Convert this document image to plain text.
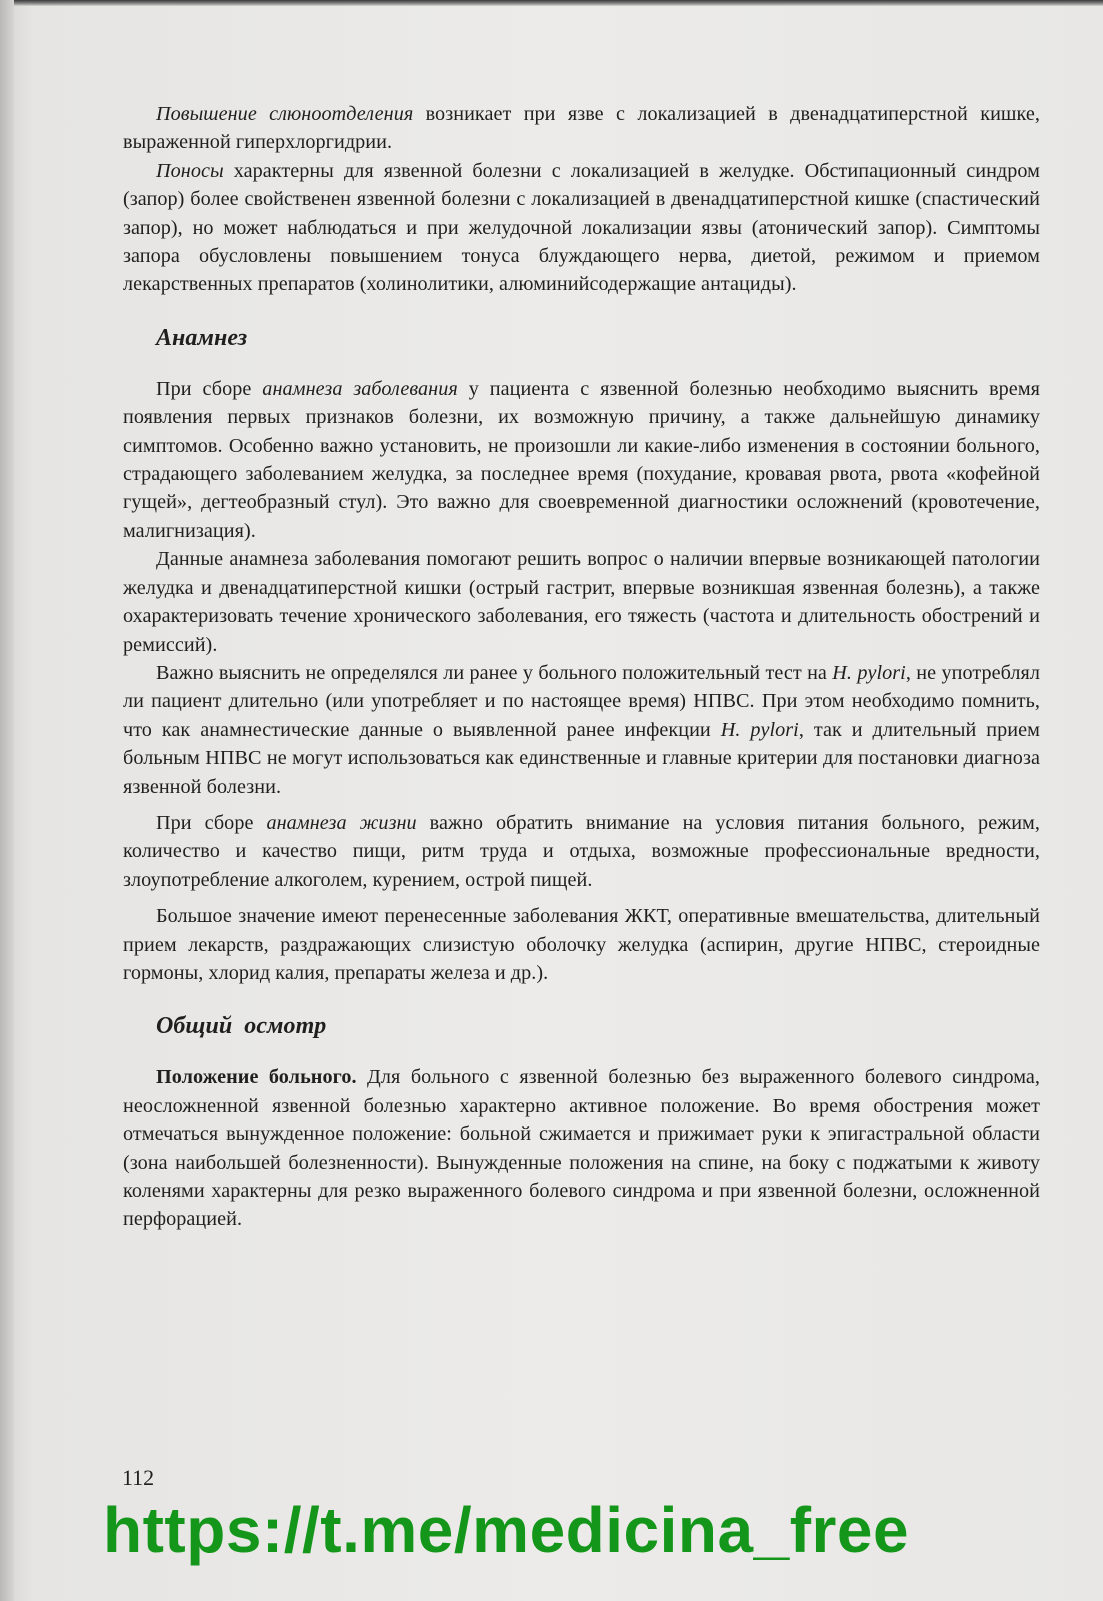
Повышение слюноотделения возникает при язве с локализацией в двенадцатиперстной кишке, выраженной гиперхлоргидрии.

Поносы характерны для язвенной болезни с локализацией в желудке. Обстипационный синдром (запор) более свойственен язвенной болезни с локализацией в двенадцатиперстной кишке (спастический запор), но может наблюдаться и при желудочной локализации язвы (атонический запор). Симптомы запора обусловлены повышением тонуса блуждающего нерва, диетой, режимом и приемом лекарственных препаратов (холинолитики, алюминийсодержащие антациды).

Анамнез

При сборе анамнеза заболевания у пациента с язвенной болезнью необходимо выяснить время появления первых признаков болезни, их возможную причину, а также дальнейшую динамику симптомов. Особенно важно установить, не произошли ли какие-либо изменения в состоянии больного, страдающего заболеванием желудка, за последнее время (похудание, кровавая рвота, рвота «кофейной гущей», дегтеобразный стул). Это важно для своевременной диагностики осложнений (кровотечение, малигнизация).

Данные анамнеза заболевания помогают решить вопрос о наличии впервые возникающей патологии желудка и двенадцатиперстной кишки (острый гастрит, впервые возникшая язвенная болезнь), а также охарактеризовать течение хронического заболевания, его тяжесть (частота и длительность обострений и ремиссий).

Важно выяснить не определялся ли ранее у больного положительный тест на H. pylori, не употреблял ли пациент длительно (или употребляет и по настоящее время) НПВС. При этом необходимо помнить, что как анамнестические данные о выявленной ранее инфекции H. pylori, так и длительный прием больным НПВС не могут использоваться как единственные и главные критерии для постановки диагноза язвенной болезни.

При сборе анамнеза жизни важно обратить внимание на условия питания больного, режим, количество и качество пищи, ритм труда и отдыха, возможные профессиональные вредности, злоупотребление алкоголем, курением, острой пищей.

Большое значение имеют перенесенные заболевания ЖКТ, оперативные вмешательства, длительный прием лекарств, раздражающих слизистую оболочку желудка (аспирин, другие НПВС, стероидные гормоны, хлорид калия, препараты железа и др.).

Общий осмотр

Положение больного. Для больного с язвенной болезнью без выраженного болевого синдрома, неосложненной язвенной болезнью характерно активное положение. Во время обострения может отмечаться вынужденное положение: больной сжимается и прижимает руки к эпигастральной области (зона наибольшей болезненности). Вынужденные положения на спине, на боку с поджатыми к животу коленями характерны для резко выраженного болевого синдрома и при язвенной болезни, осложненной перфорацией.

112
https://t.me/medicina_free
